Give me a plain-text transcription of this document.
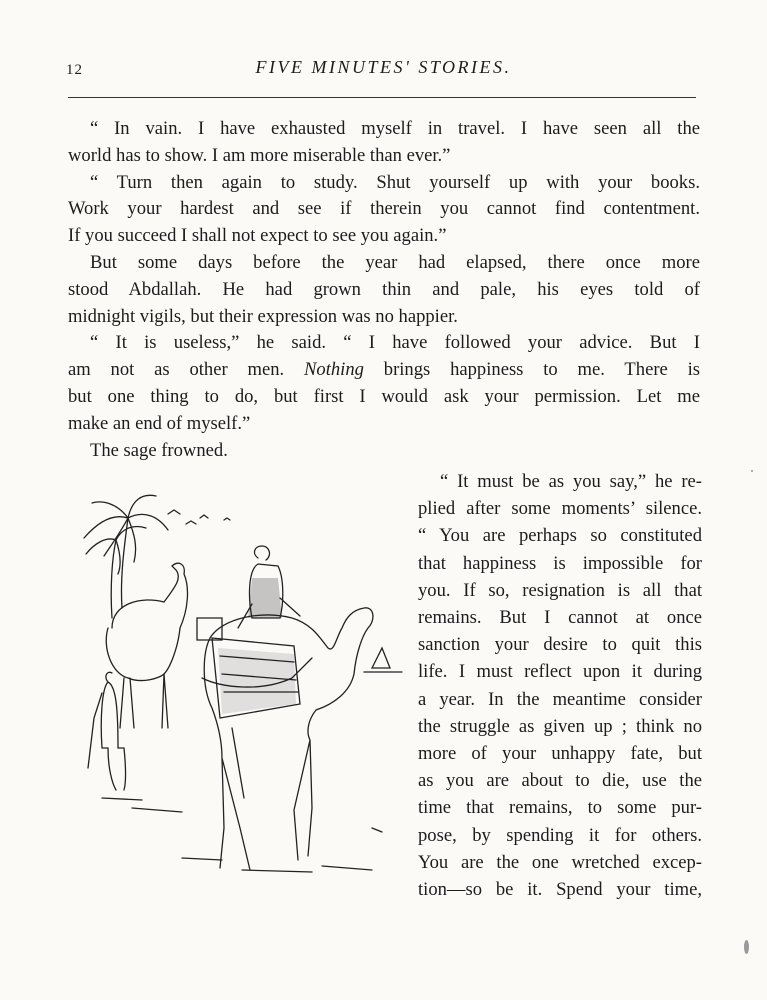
12	FIVE MINUTES' STORIES.
“ In vain. I have exhausted myself in travel. I have seen all the
world has to show. I am more miserable than ever.”
“ Turn then again to study. Shut yourself up with your books.
Work your hardest and see if therein you cannot find contentment.
If you succeed I shall not expect to see you again.”
But some days before the year had elapsed, there once more
stood Abdallah. He had grown thin and pale, his eyes told of
midnight vigils, but their expression was no happier.
“ It is useless,” he said. “ I have followed your advice. But I
am not as other men. Nothing brings happiness to me. There is
but one thing to do, but first I would ask your permission. Let me
make an end of myself.”
The sage frowned.
“ It must be as you say,” he re-
plied after some moments’ silence.
“ You are perhaps so constituted
that happiness is impossible for
you. If so, resignation is all that
remains. But I cannot at once
sanction your desire to quit this
life. I must reflect upon it during
a year. In the meantime consider
the struggle as given up ; think no
more of your unhappy fate, but
as you are about to die, use the
time that remains, to some pur-
pose, by spending it for others.
You are the one wretched excep-
tion—so be it. Spend your time,
